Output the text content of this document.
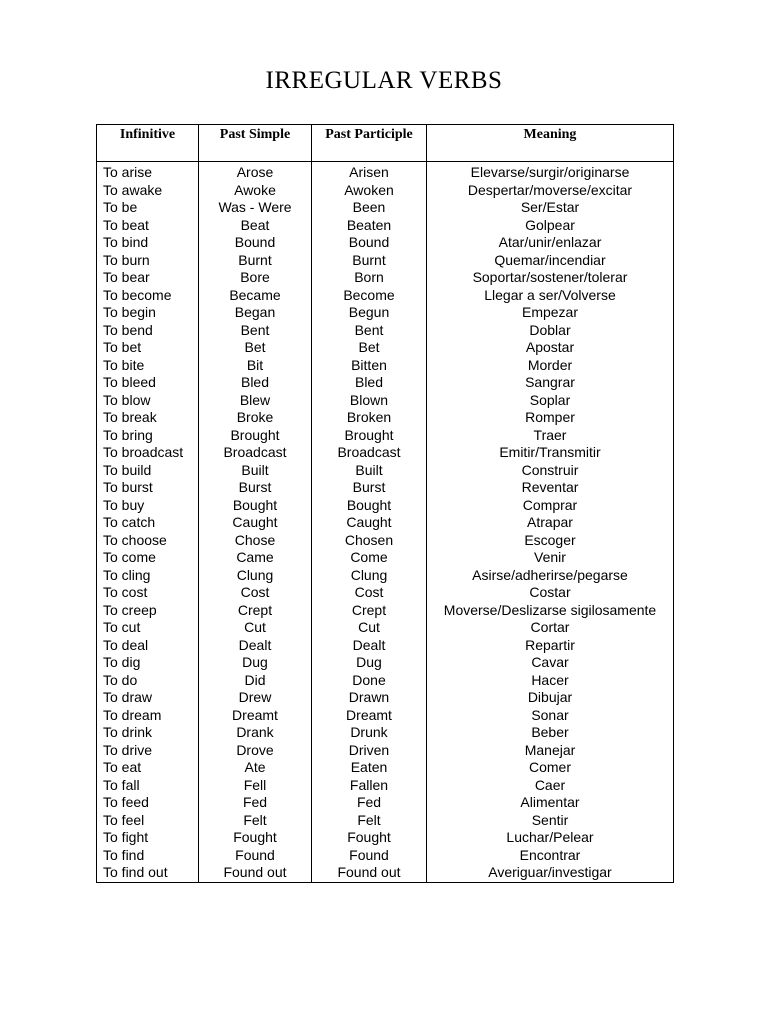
IRREGULAR VERBS
Infinitive	Past Simple	Past Participle	Meaning
To arise	Arose	Arisen	Elevarse/surgir/originarse
To awake	Awoke	Awoken	Despertar/moverse/excitar
To be	Was - Were	Been	Ser/Estar
To beat	Beat	Beaten	Golpear
To bind	Bound	Bound	Atar/unir/enlazar
To burn	Burnt	Burnt	Quemar/incendiar
To bear	Bore	Born	Soportar/sostener/tolerar
To become	Became	Become	Llegar a ser/Volverse
To begin	Began	Begun	Empezar
To bend	Bent	Bent	Doblar
To bet	Bet	Bet	Apostar
To bite	Bit	Bitten	Morder
To bleed	Bled	Bled	Sangrar
To blow	Blew	Blown	Soplar
To break	Broke	Broken	Romper
To bring	Brought	Brought	Traer
To broadcast	Broadcast	Broadcast	Emitir/Transmitir
To build	Built	Built	Construir
To burst	Burst	Burst	Reventar
To buy	Bought	Bought	Comprar
To catch	Caught	Caught	Atrapar
To choose	Chose	Chosen	Escoger
To come	Came	Come	Venir
To cling	Clung	Clung	Asirse/adherirse/pegarse
To cost	Cost	Cost	Costar
To creep	Crept	Crept	Moverse/Deslizarse sigilosamente
To cut	Cut	Cut	Cortar
To deal	Dealt	Dealt	Repartir
To dig	Dug	Dug	Cavar
To do	Did	Done	Hacer
To draw	Drew	Drawn	Dibujar
To dream	Dreamt	Dreamt	Sonar
To drink	Drank	Drunk	Beber
To drive	Drove	Driven	Manejar
To eat	Ate	Eaten	Comer
To fall	Fell	Fallen	Caer
To feed	Fed	Fed	Alimentar
To feel	Felt	Felt	Sentir
To fight	Fought	Fought	Luchar/Pelear
To find	Found	Found	Encontrar
To find out	Found out	Found out	Averiguar/investigar
